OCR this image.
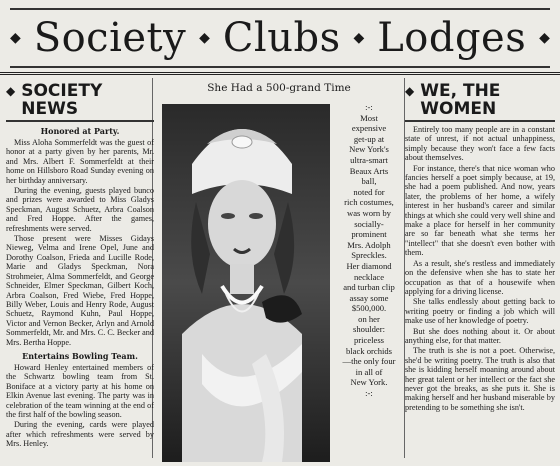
◆ Society ◆ Clubs ◆ Lodges ◆
◆ SOCIETY
NEWS
Honored at Party.

Miss Aloha Sommerfeldt was the guest of honor at a party given by her parents, Mr. and Mrs. Albert F. Sommerfeldt at their home on Hillsboro Road Sunday evening on her birthday anniversary.

During the evening, guests played bunco and prizes were awarded to Miss Gladys Speckman, August Schuetz, Arbra Coalson and Fred Hoppe. After the games, refreshments were served.

Those present were Misses Gidays Nieweg, Velma and Irene Opel, June and Dorothy Coalson, Frieda and Lucille Rode, Marie and Gladys Speckman, Nora Strohmeier, Alma Sommerfeldt, and George Schneider, Elmer Speckman, Gilbert Koch, Arbra Coalson, Fred Wiebe, Fred Hoppe, Billy Weber, Louis and Henry Rode, August Schuetz, Raymond Kuhn, Paul Hoppe, Victor and Vernon Becker, Arlyn and Arnold Sommerfeldt, Mr. and Mrs. C. C. Becker and Mrs. Bertha Hoppe.

Entertains Bowling Team.

Howard Henley entertained members of the Schwartz bowling team from St. Boniface at a victory party at his home on Elkin Avenue last evening. The party was in celebration of the team winning at the end of the first half of the bowling season.

During the evening, cards were played after which refreshments were served by Mrs. Henley.

She Had a 500-grand Time

:-:

Most

expensive

get-up at

New York's

ultra-smart

Beaux Arts

ball,

noted for

rich costumes,

was worn by

socially-

prominent

Mrs. Adolph

Spreckles.

Her diamond

necklace

and turban clip

assay some

$500,000.

on her

shoulder:

priceless

black orchids

—the only four

in all of

New York.

:-:

◆ WE, THE
WOMEN

Entirely too many people are in a constant state of unrest, if not actual unhappiness, simply because they won't face a few facts about themselves.

For instance, there's that nice woman who fancies herself a poet simply because, at 19, she had a poem published. And now, years later, the problems of her home, a wifely interest in her husband's career and similar things at which she could very well shine and make a place for herself in her community are so far beneath what she terms her "intellect" that she doesn't even bother with them.

As a result, she's restless and immediately on the defensive when she has to state her occupation as that of a housewife when applying for a driving license.

She talks endlessly about getting back to writing poetry or finding a job which will make use of her knowledge of poetry.

But she does nothing about it. Or about anything else, for that matter.

The truth is she is not a poet. Otherwise, she'd be writing poetry. The truth is also that she is kidding herself moaning around about her great talent or her intellect or the fact she never got the breaks, as she puts it. She is making herself and her husband miserable by pretending to be something she isn't.
